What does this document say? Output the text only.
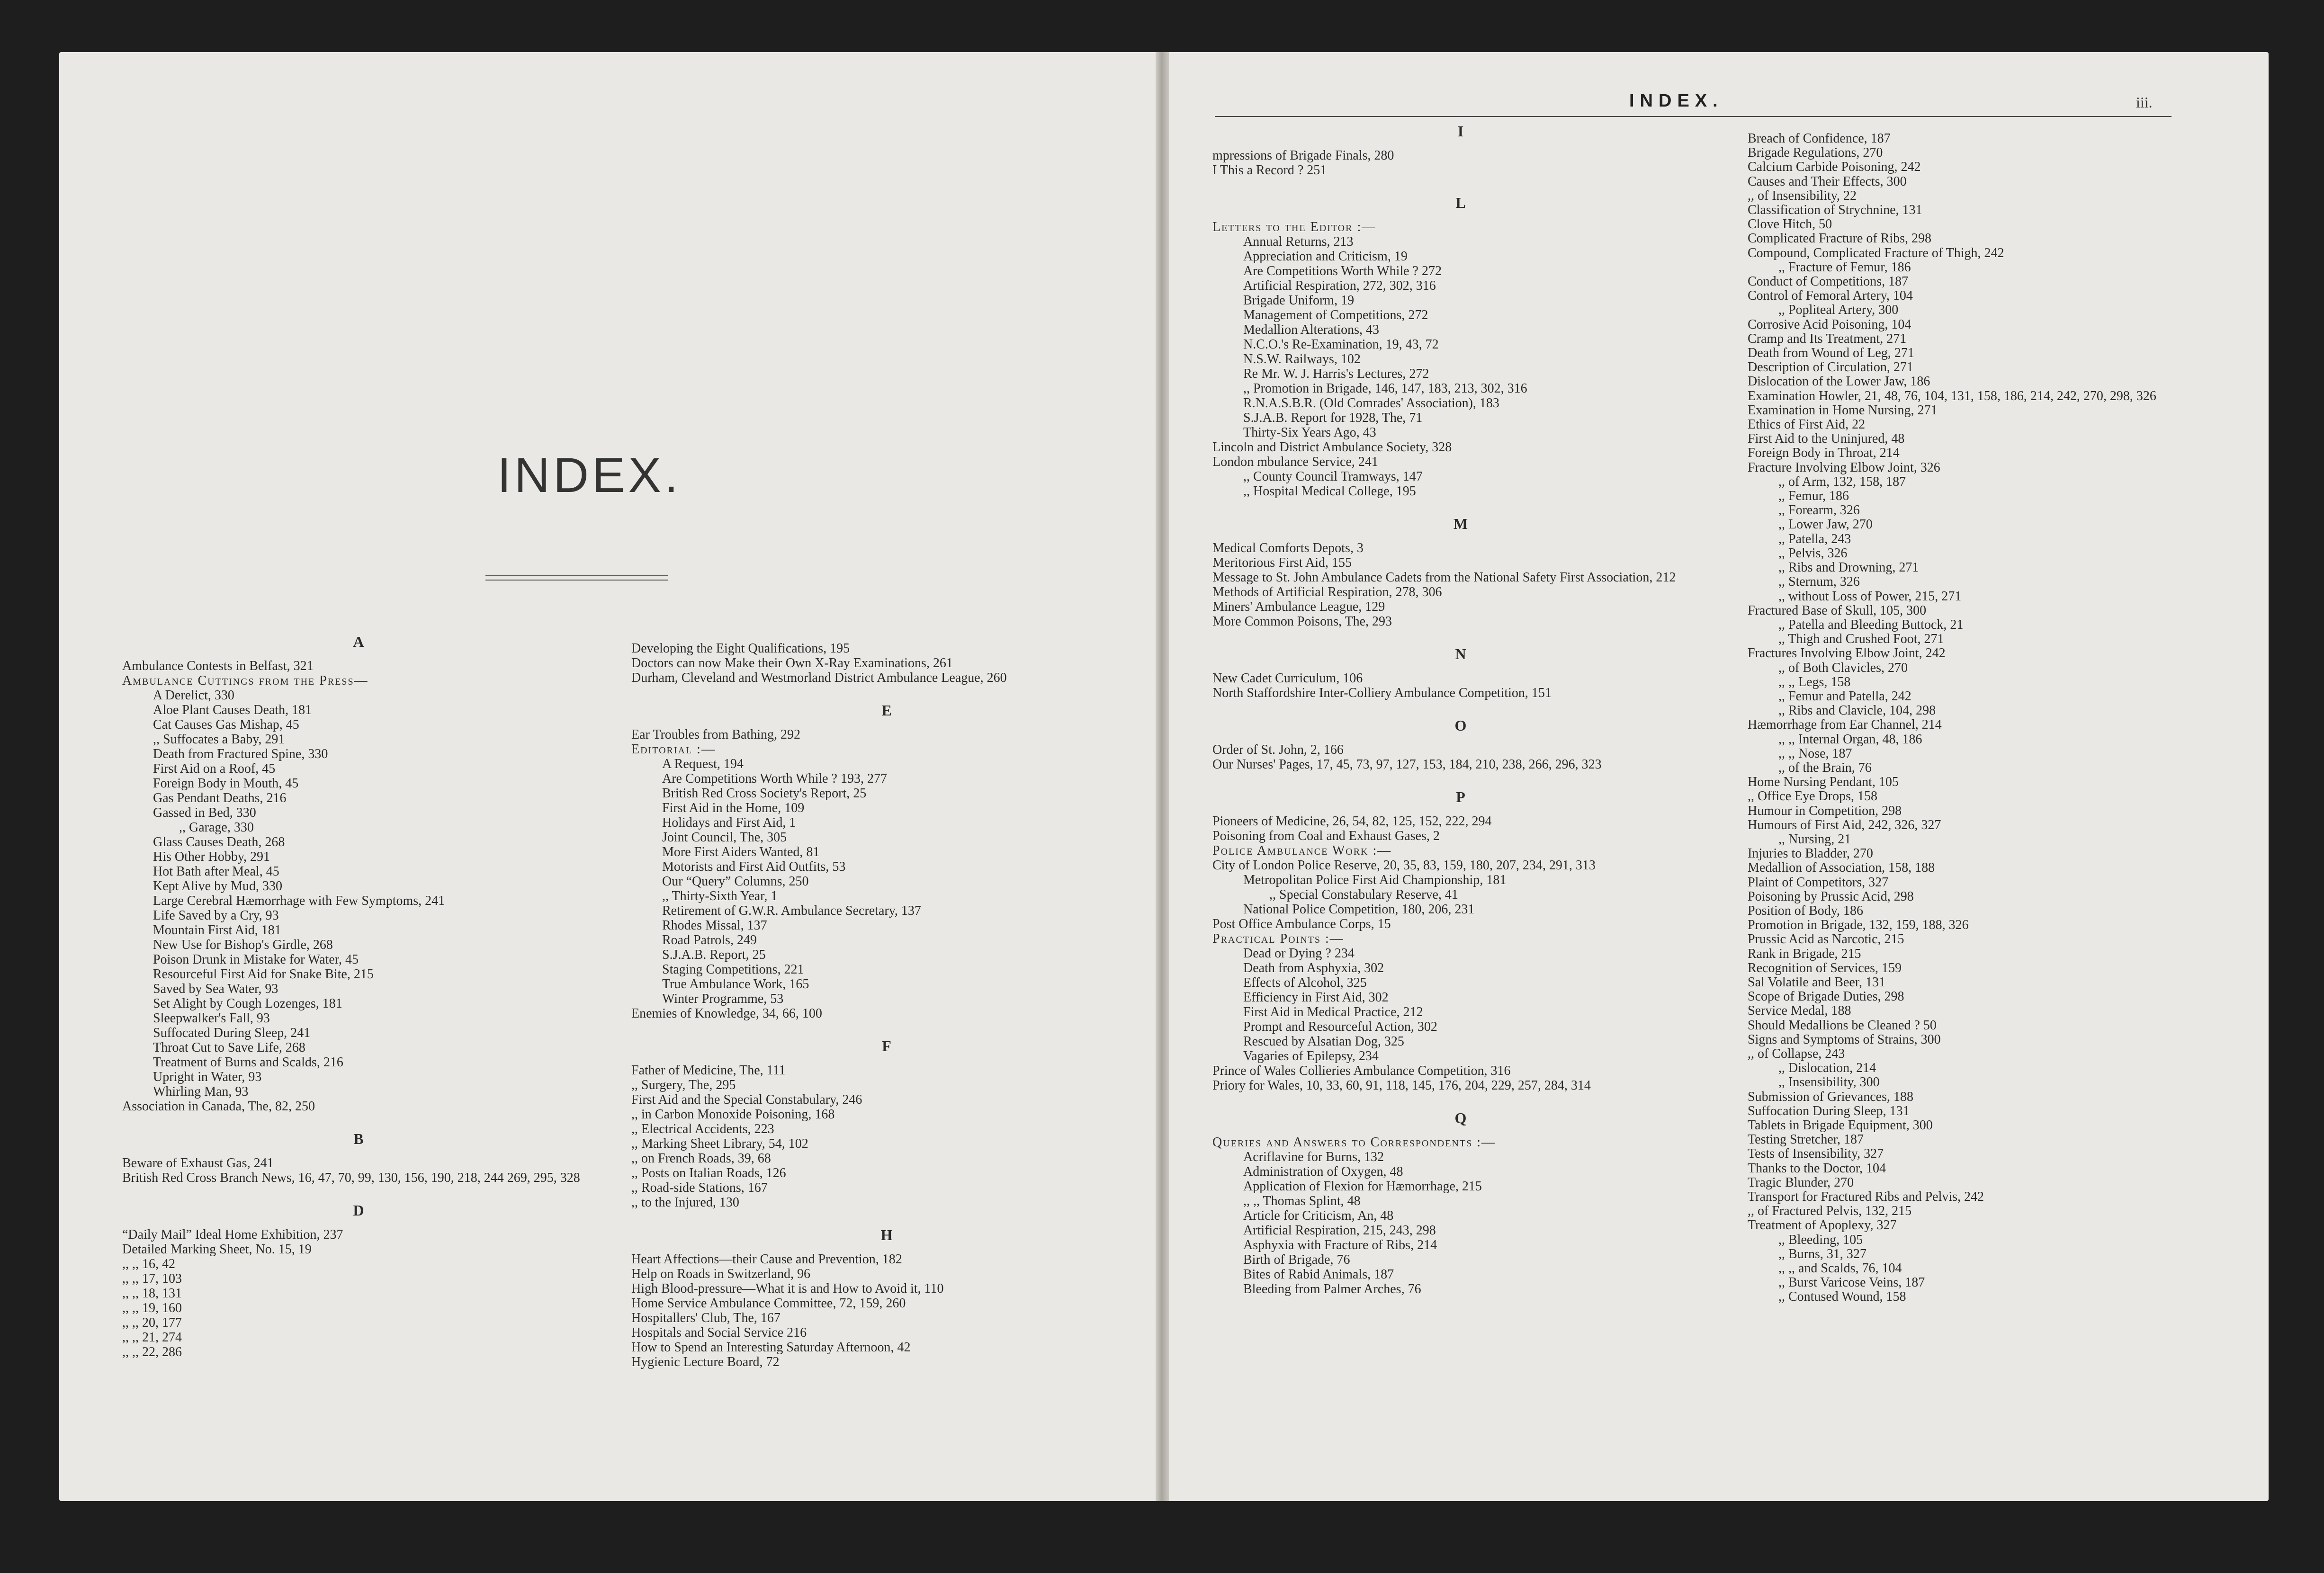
INDEX.
INDEX.	iii.
A
Ambulance Contests in Belfast, 321
Ambulance Cuttings from the Press—
A Derelict, 330
Aloe Plant Causes Death, 181
Cat Causes Gas Mishap, 45
,, Suffocates a Baby, 291
Death from Fractured Spine, 330
First Aid on a Roof, 45
Foreign Body in Mouth, 45
Gas Pendant Deaths, 216
Gassed in Bed, 330
,, Garage, 330
Glass Causes Death, 268
His Other Hobby, 291
Hot Bath after Meal, 45
Kept Alive by Mud, 330
Large Cerebral Hæmorrhage with Few Symptoms, 241
Life Saved by a Cry, 93
Mountain First Aid, 181
New Use for Bishop's Girdle, 268
Poison Drunk in Mistake for Water, 45
Resourceful First Aid for Snake Bite, 215
Saved by Sea Water, 93
Set Alight by Cough Lozenges, 181
Sleepwalker's Fall, 93
Suffocated During Sleep, 241
Throat Cut to Save Life, 268
Treatment of Burns and Scalds, 216
Upright in Water, 93
Whirling Man, 93
Association in Canada, The, 82, 250
B
Beware of Exhaust Gas, 241
British Red Cross Branch News, 16, 47, 70, 99, 130, 156, 190, 218, 244 269, 295, 328
D
“Daily Mail” Ideal Home Exhibition, 237
Detailed Marking Sheet, No. 15, 19
,, ,, 16, 42
,, ,, 17, 103
,, ,, 18, 131
,, ,, 19, 160
,, ,, 20, 177
,, ,, 21, 274
,, ,, 22, 286
Developing the Eight Qualifications, 195
Doctors can now Make their Own X-Ray Examinations, 261
Durham, Cleveland and Westmorland District Ambulance League, 260
E
Ear Troubles from Bathing, 292
Editorial :—
A Request, 194
Are Competitions Worth While ? 193, 277
British Red Cross Society's Report, 25
First Aid in the Home, 109
Holidays and First Aid, 1
Joint Council, The, 305
More First Aiders Wanted, 81
Motorists and First Aid Outfits, 53
Our “Query” Columns, 250
,, Thirty-Sixth Year, 1
Retirement of G.W.R. Ambulance Secretary, 137
Rhodes Missal, 137
Road Patrols, 249
S.J.A.B. Report, 25
Staging Competitions, 221
True Ambulance Work, 165
Winter Programme, 53
Enemies of Knowledge, 34, 66, 100
F
Father of Medicine, The, 111
,, Surgery, The, 295
First Aid and the Special Constabulary, 246
,, in Carbon Monoxide Poisoning, 168
,, Electrical Accidents, 223
,, Marking Sheet Library, 54, 102
,, on French Roads, 39, 68
,, Posts on Italian Roads, 126
,, Road-side Stations, 167
,, to the Injured, 130
H
Heart Affections—their Cause and Prevention, 182
Help on Roads in Switzerland, 96
High Blood-pressure—What it is and How to Avoid it, 110
Home Service Ambulance Committee, 72, 159, 260
Hospitallers' Club, The, 167
Hospitals and Social Service 216
How to Spend an Interesting Saturday Afternoon, 42
Hygienic Lecture Board, 72
I
mpressions of Brigade Finals, 280
I This a Record ? 251
L
Letters to the Editor :—
Annual Returns, 213
Appreciation and Criticism, 19
Are Competitions Worth While ? 272
Artificial Respiration, 272, 302, 316
Brigade Uniform, 19
Management of Competitions, 272
Medallion Alterations, 43
N.C.O.'s Re-Examination, 19, 43, 72
N.S.W. Railways, 102
Re Mr. W. J. Harris's Lectures, 272
,, Promotion in Brigade, 146, 147, 183, 213, 302, 316
R.N.A.S.B.R. (Old Comrades' Association), 183
S.J.A.B. Report for 1928, The, 71
Thirty-Six Years Ago, 43
Lincoln and District Ambulance Society, 328
London mbulance Service, 241
,, County Council Tramways, 147
,, Hospital Medical College, 195
M
Medical Comforts Depots, 3
Meritorious First Aid, 155
Message to St. John Ambulance Cadets from the National Safety First Association, 212
Methods of Artificial Respiration, 278, 306
Miners' Ambulance League, 129
More Common Poisons, The, 293
N
New Cadet Curriculum, 106
North Staffordshire Inter-Colliery Ambulance Competition, 151
O
Order of St. John, 2, 166
Our Nurses' Pages, 17, 45, 73, 97, 127, 153, 184, 210, 238, 266, 296, 323
P
Pioneers of Medicine, 26, 54, 82, 125, 152, 222, 294
Poisoning from Coal and Exhaust Gases, 2
Police Ambulance Work :—
City of London Police Reserve, 20, 35, 83, 159, 180, 207, 234, 291, 313
Metropolitan Police First Aid Championship, 181
,, Special Constabulary Reserve, 41
National Police Competition, 180, 206, 231
Post Office Ambulance Corps, 15
Practical Points :—
Dead or Dying ? 234
Death from Asphyxia, 302
Effects of Alcohol, 325
Efficiency in First Aid, 302
First Aid in Medical Practice, 212
Prompt and Resourceful Action, 302
Rescued by Alsatian Dog, 325
Vagaries of Epilepsy, 234
Prince of Wales Collieries Ambulance Competition, 316
Priory for Wales, 10, 33, 60, 91, 118, 145, 176, 204, 229, 257, 284, 314
Q
Queries and Answers to Correspondents :—
Acriflavine for Burns, 132
Administration of Oxygen, 48
Application of Flexion for Hæmorrhage, 215
,, ,, Thomas Splint, 48
Article for Criticism, An, 48
Artificial Respiration, 215, 243, 298
Asphyxia with Fracture of Ribs, 214
Birth of Brigade, 76
Bites of Rabid Animals, 187
Bleeding from Palmer Arches, 76
Breach of Confidence, 187
Brigade Regulations, 270
Calcium Carbide Poisoning, 242
Causes and Their Effects, 300
,, of Insensibility, 22
Classification of Strychnine, 131
Clove Hitch, 50
Complicated Fracture of Ribs, 298
Compound, Complicated Fracture of Thigh, 242
,, Fracture of Femur, 186
Conduct of Competitions, 187
Control of Femoral Artery, 104
,, Popliteal Artery, 300
Corrosive Acid Poisoning, 104
Cramp and Its Treatment, 271
Death from Wound of Leg, 271
Description of Circulation, 271
Dislocation of the Lower Jaw, 186
Examination Howler, 21, 48, 76, 104, 131, 158, 186, 214, 242, 270, 298, 326
Examination in Home Nursing, 271
Ethics of First Aid, 22
First Aid to the Uninjured, 48
Foreign Body in Throat, 214
Fracture Involving Elbow Joint, 326
,, of Arm, 132, 158, 187
,, Femur, 186
,, Forearm, 326
,, Lower Jaw, 270
,, Patella, 243
,, Pelvis, 326
,, Ribs and Drowning, 271
,, Sternum, 326
,, without Loss of Power, 215, 271
Fractured Base of Skull, 105, 300
,, Patella and Bleeding Buttock, 21
,, Thigh and Crushed Foot, 271
Fractures Involving Elbow Joint, 242
,, of Both Clavicles, 270
,, ,, Legs, 158
,, Femur and Patella, 242
,, Ribs and Clavicle, 104, 298
Hæmorrhage from Ear Channel, 214
,, ,, Internal Organ, 48, 186
,, ,, Nose, 187
,, of the Brain, 76
Home Nursing Pendant, 105
,, Office Eye Drops, 158
Humour in Competition, 298
Humours of First Aid, 242, 326, 327
,, Nursing, 21
Injuries to Bladder, 270
Medallion of Association, 158, 188
Plaint of Competitors, 327
Poisoning by Prussic Acid, 298
Position of Body, 186
Promotion in Brigade, 132, 159, 188, 326
Prussic Acid as Narcotic, 215
Rank in Brigade, 215
Recognition of Services, 159
Sal Volatile and Beer, 131
Scope of Brigade Duties, 298
Service Medal, 188
Should Medallions be Cleaned ? 50
Signs and Symptoms of Strains, 300
,, of Collapse, 243
,, Dislocation, 214
,, Insensibility, 300
Submission of Grievances, 188
Suffocation During Sleep, 131
Tablets in Brigade Equipment, 300
Testing Stretcher, 187
Tests of Insensibility, 327
Thanks to the Doctor, 104
Tragic Blunder, 270
Transport for Fractured Ribs and Pelvis, 242
,, of Fractured Pelvis, 132, 215
Treatment of Apoplexy, 327
,, Bleeding, 105
,, Burns, 31, 327
,, ,, and Scalds, 76, 104
,, Burst Varicose Veins, 187
,, Contused Wound, 158
